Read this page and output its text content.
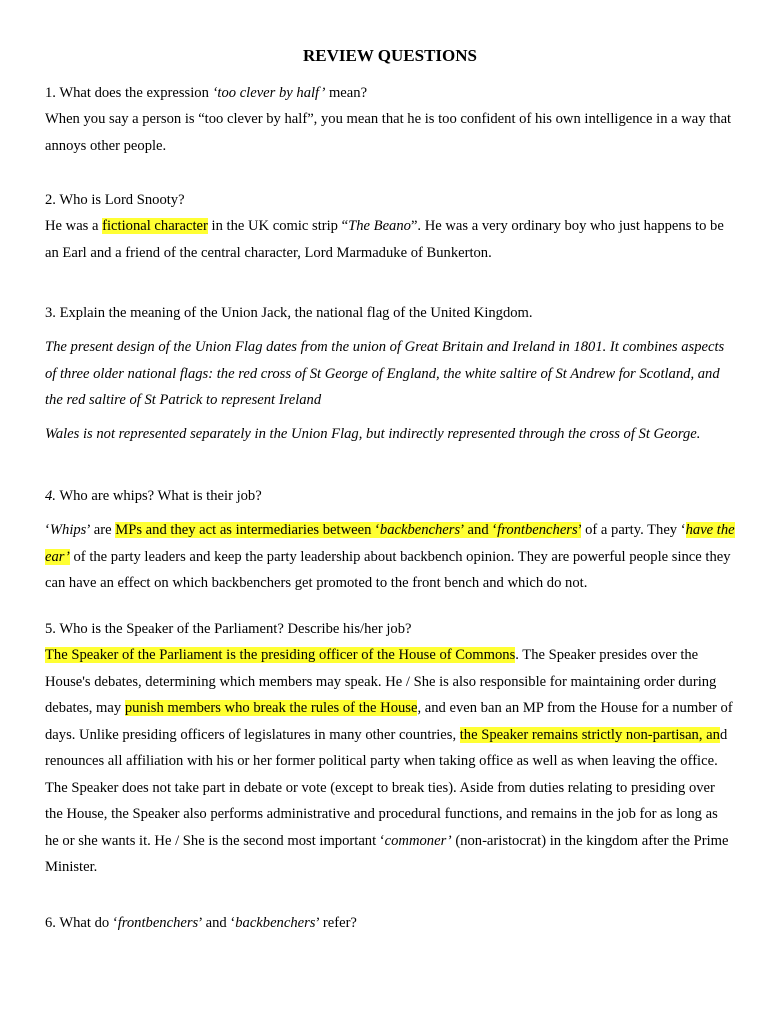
REVIEW QUESTIONS

1. What does the expression ‘too clever by half’ mean?

When you say a person is “too clever by half”, you mean that he is too confident of his own intelligence in a way that annoys other people.

2. Who is Lord Snooty?

He was a fictional character in the UK comic strip “The Beano”. He was a very ordinary boy who just happens to be an Earl and a friend of the central character, Lord Marmaduke of Bunkerton.

3. Explain the meaning of the Union Jack, the national flag of the United Kingdom.

The present design of the Union Flag dates from the union of Great Britain and Ireland in 1801. It combines aspects of three older national flags: the red cross of St George of England, the white saltire of St Andrew for Scotland, and the red saltire of St Patrick to represent Ireland

Wales is not represented separately in the Union Flag, but indirectly represented through the cross of St George.

4. Who are whips? What is their job?

‘Whips’ are MPs and they act as intermediaries between ‘backbenchers’ and ‘frontbenchers’ of a party. They ‘have the ear’ of the party leaders and keep the party leadership about backbench opinion. They are powerful people since they can have an effect on which backbenchers get promoted to the front bench and which do not.

5. Who is the Speaker of the Parliament? Describe his/her job?

The Speaker of the Parliament is the presiding officer of the House of Commons. The Speaker presides over the House's debates, determining which members may speak. He / She is also responsible for maintaining order during debates, may punish members who break the rules of the House, and even ban an MP from the House for a number of days. Unlike presiding officers of legislatures in many other countries, the Speaker remains strictly non-partisan, and renounces all affiliation with his or her former political party when taking office as well as when leaving the office. The Speaker does not take part in debate or vote (except to break ties). Aside from duties relating to presiding over the House, the Speaker also performs administrative and procedural functions, and remains in the job for as long as he or she wants it. He / She is the second most important ‘commoner’ (non-aristocrat) in the kingdom after the Prime Minister.

6. What do ‘frontbenchers’ and ‘backbenchers’ refer?
